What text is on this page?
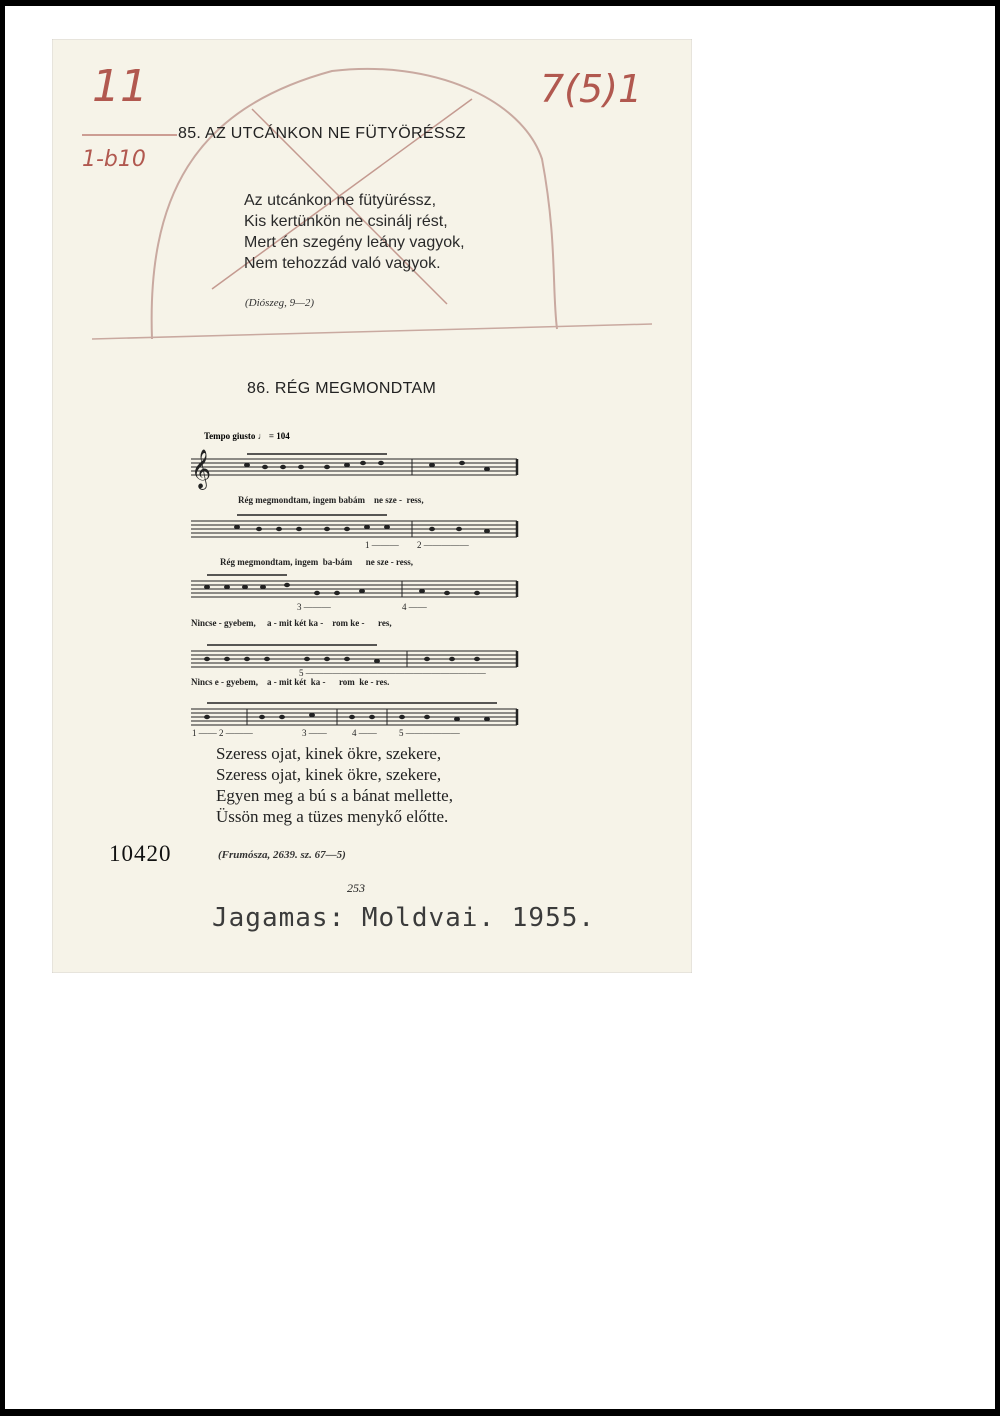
11
1-b10
7(5)1
85. AZ UTCÁNKON NE FÜTYÖRÉSSZ
Az utcánkon ne fütyüréssz,
Kis kertünkön ne csinálj rést,
Mert én szegény leány vagyok,
Nem tehozzád való vagyok.
(Diószeg, 9—2)
86. RÉG MEGMONDTAM
Tempo giusto ♩ = 104
𝄞
1 ——— 2 —————
3 ———	4 ——
5 ————————————————————
1 —— 2 ———	3 ——	4 —— 5 ——————
Rég megmondtam, ingem babám    ne sze -  ress,
Rég megmondtam, ingem  ba-bám      ne sze - ress,
Nincse - gyebem,     a - mit két ka -    rom ke -      res,
Nincs e - gyebem,    a - mit két  ka -      rom  ke - res.
Szeress ojat, kinek ökre, szekere,
Szeress ojat, kinek ökre, szekere,
Egyen meg a bú s a bánat mellette,
Üssön meg a tüzes menykő előtte.
10420	(Frumósza, 2639. sz. 67—5)
253
Jagamas: Moldvai. 1955.
